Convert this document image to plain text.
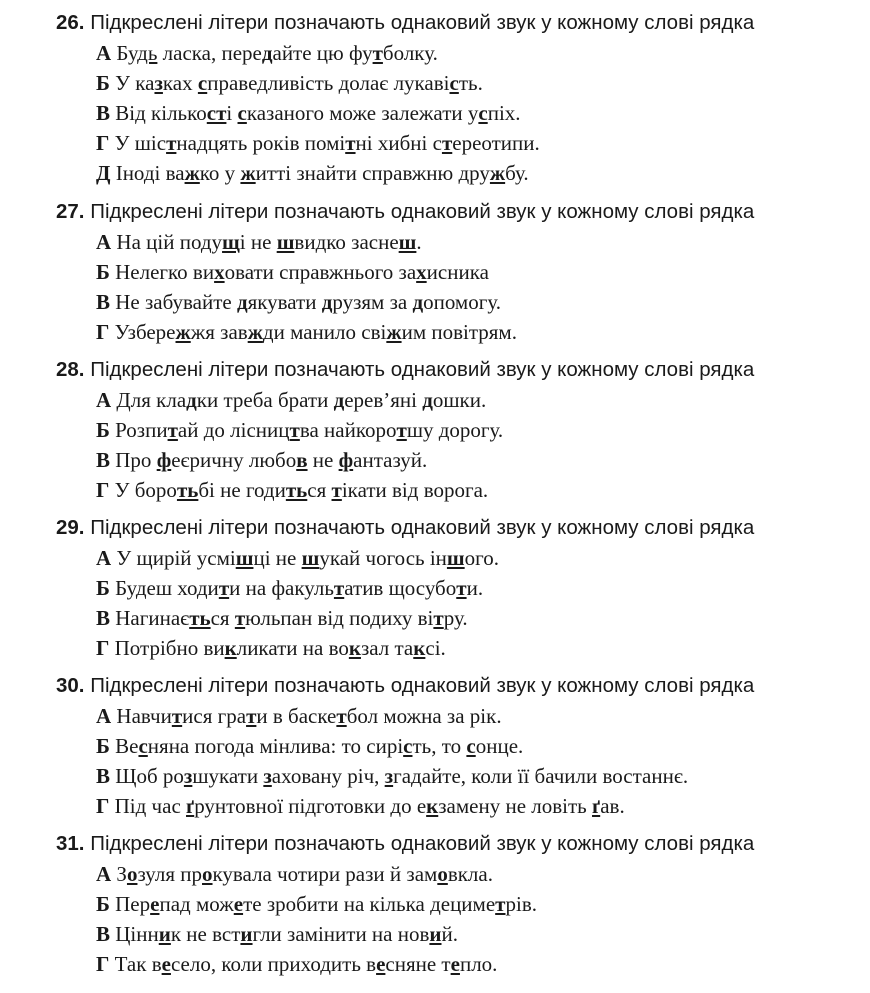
26. Підкреслені літери позначають однаковий звук у кожному слові рядка
А Будь ласка, передайте цю футболку.
Б У казках справедливість долає лукавість.
В Від кількості сказаного може залежати успіх.
Г У шістнадцять років помітні хибні стереотипи.
Д Іноді важко у житті знайти справжню дружбу.
27. Підкреслені літери позначають однаковий звук у кожному слові рядка
А На цій подущі не швидко заснеш.
Б Нелегко виховати справжнього захисника
В Не забувайте дякувати друзям за допомогу.
Г Узбережжя завжди манило свіжим повітрям.
28. Підкреслені літери позначають однаковий звук у кожному слові рядка
А Для кладки треба брати дерев’яні дошки.
Б Розпитай до лісництва найкоротшу дорогу.
В Про феєричну любов не фантазуй.
Г У боротьбі не годиться тікати від ворога.
29. Підкреслені літери позначають однаковий звук у кожному слові рядка
А У щирій усмішці не шукай чогось іншого.
Б Будеш ходити на факультатив щосуботи.
В Нагинається тюльпан від подиху вітру.
Г Потрібно викликати на вокзал таксі.
30. Підкреслені літери позначають однаковий звук у кожному слові рядка
А Навчитися грати в баскетбол можна за рік.
Б Весняна погода мінлива: то сирість, то сонце.
В Щоб розшукати заховану річ, згадайте, коли її бачили востаннє.
Г Під час ґрунтовної підготовки до екзамену не ловіть ґав.
31. Підкреслені літери позначають однаковий звук у кожному слові рядка
А Зозуля прокувала чотири рази й замовкла.
Б Перепад можете зробити на кілька дециметрів.
В Цінник не встигли замінити на новий.
Г Так весело, коли приходить весняне тепло.
